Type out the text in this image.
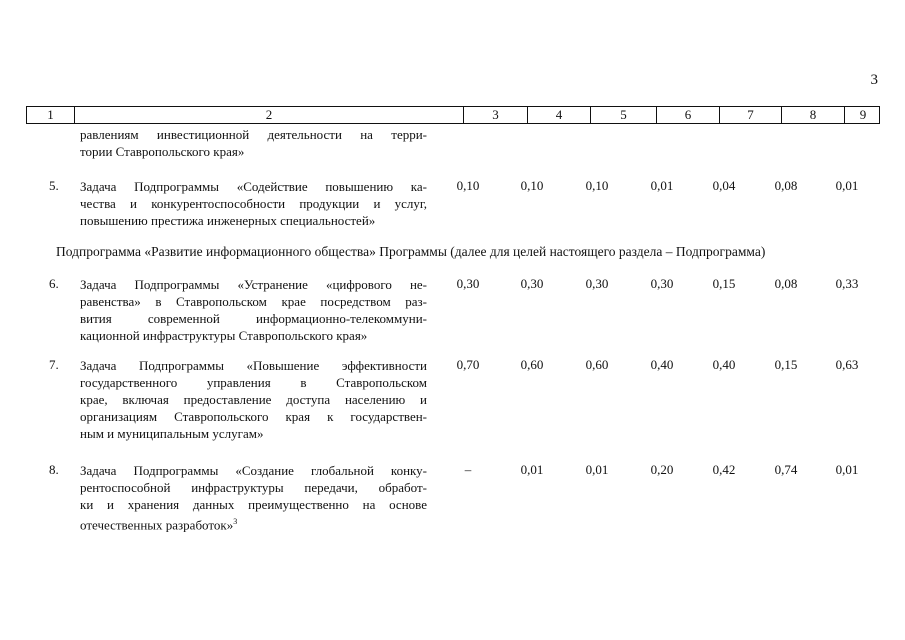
3
1	2	3	4	5	6	7	8	9
равлениям инвестиционной деятельности на терри-
тории Ставропольского края»
5. Задача Подпрограммы «Содействие повышению ка-
чества и конкурентоспособности продукции и услуг,
повышению престижа инженерных специальностей»
0,10	0,10	0,10	0,01	0,04	0,08	0,01
Подпрограмма «Развитие информационного общества» Программы (далее для целей настоящего раздела – Подпрограмма)
6. Задача Подпрограммы «Устранение «цифрового не-
равенства» в Ставропольском крае посредством раз-
вития современной информационно-телекоммуни-
кационной инфраструктуры Ставропольского края»
0,30	0,30	0,30	0,30	0,15	0,08	0,33
7. Задача Подпрограммы «Повышение эффективности
государственного управления в Ставропольском
крае, включая предоставление доступа населению и
организациям Ставропольского края к государствен-
ным и муниципальным услугам»
0,70	0,60	0,60	0,40	0,40	0,15	0,63
8. Задача Подпрограммы «Создание глобальной конку-
рентоспособной инфраструктуры передачи, обработ-
ки и хранения данных преимущественно на основе
отечественных разработок»$^3$
–	0,01	0,01	0,20	0,42	0,74	0,01
